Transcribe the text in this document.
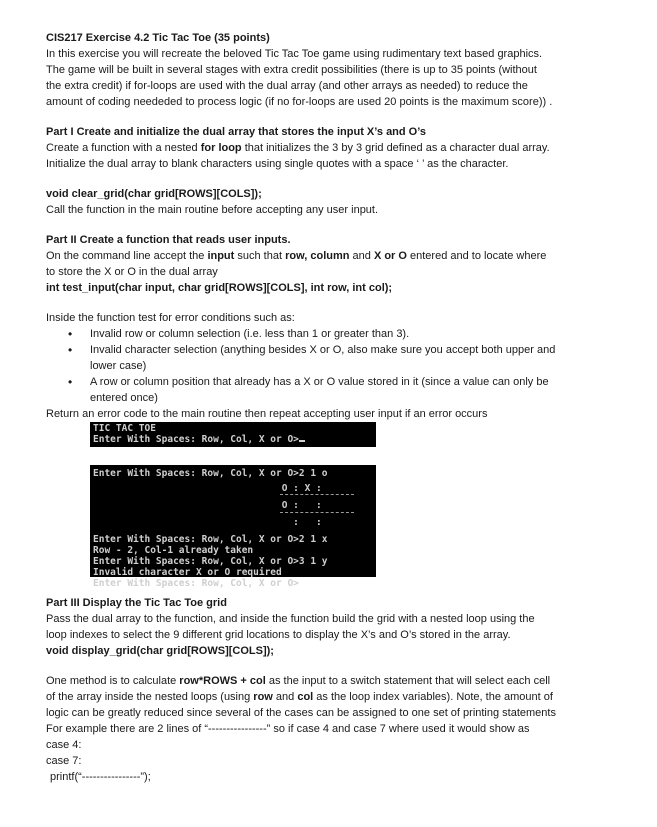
CIS217 Exercise 4.2 Tic Tac Toe (35 points)

In this exercise you will recreate the beloved Tic Tac Toe game using rudimentary text based graphics.

The game will be built in several stages with extra credit possibilities (there is up to 35 points (without

the extra credit) if for-loops are used with the dual array (and other arrays as needed) to reduce the

amount of coding neededed to process logic (if no for-loops are used 20 points is the maximum score)) .

Part I Create and initialize the dual array that stores the input X’s and O’s

Create a function with a nested for loop that initializes the 3 by 3 grid defined as a character dual array.

Initialize the dual array to blank characters using single quotes with a space ‘ ’ as the character.

void clear_grid(char grid[ROWS][COLS]);

Call the function in the main routine before accepting any user input.

Part II Create a function that reads user inputs.

On the command line accept the input such that row, column and X or O entered and to locate where

to store the X or O in the dual array

int test_input(char input, char grid[ROWS][COLS], int row, int col);

Inside the function test for error conditions such as:

• Invalid row or column selection (i.e. less than 1 or greater than 3).
• Invalid character selection (anything besides X or O, also make sure you accept both upper and
lower case)
• A row or column position that already has a X or O value stored in it (since a value can only be
entered once)

Return an error code to the main routine then repeat accepting user input if an error occurs

TIC TAC TOE
Enter With Spaces: Row, Col, X or O>
Enter With Spaces: Row, Col, X or O>2 1 o
O : X :
O :   :
:   :
Enter With Spaces: Row, Col, X or O>2 1 x
Row - 2, Col-1 already taken
Enter With Spaces: Row, Col, X or O>3 1 y
Invalid character X or O required
Enter With Spaces: Row, Col, X or O>

Part III Display the Tic Tac Toe grid

Pass the dual array to the function, and inside the function build the grid with a nested loop using the

loop indexes to select the 9 different grid locations to display the X’s and O’s stored in the array.

void display_grid(char grid[ROWS][COLS]);

One method is to calculate row*ROWS + col as the input to a switch statement that will select each cell

of the array inside the nested loops (using row and col as the loop index variables). Note, the amount of

logic can be greatly reduced since several of the cases can be assigned to one set of printing statements

For example there are 2 lines of “----------------” so if case 4 and case 7 where used it would show as

case 4:

case 7:

printf(“----------------”);
